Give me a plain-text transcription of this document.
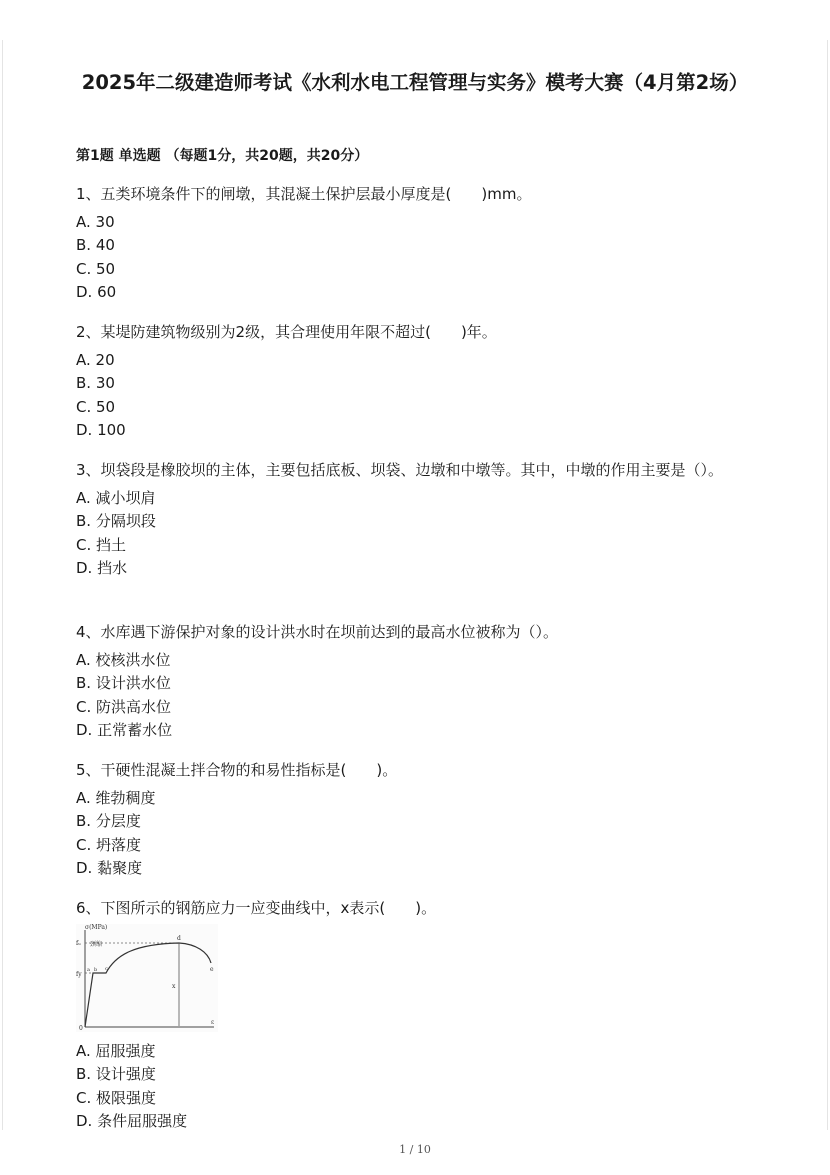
2025年二级建造师考试《水利水电工程管理与实务》模考大赛（4月第2场）
第1题 单选题 （每题1分，共20题，共20分）
1、五类环境条件下的闸墩，其混凝土保护层最小厚度是(　　)mm。
A. 30
B. 40
C. 50
D. 60
2、某堤防建筑物级别为2级，其合理使用年限不超过(　　)年。
A. 20
B. 30
C. 50
D. 100
3、坝袋段是橡胶坝的主体，主要包括底板、坝袋、边墩和中墩等。其中，中墩的作用主要是（）。
A. 减小坝肩
B. 分隔坝段
C. 挡土
D. 挡水
4、水库遇下游保护对象的设计洪水时在坝前达到的最高水位被称为（）。
A. 校核洪水位
B. 设计洪水位
C. 防洪高水位
D. 正常蓄水位
5、干硬性混凝土拌合物的和易性指标是(　　)。
A. 维勃稠度
B. 分层度
C. 坍落度
D. 黏聚度
6、下图所示的钢筋应力一应变曲线中，x表示(　　)。
σ(MPa)
fᵤ
fy
颈缩
a b c
d
e
x
0
ε
A. 屈服强度
B. 设计强度
C. 极限强度
D. 条件屈服强度
1 / 10
